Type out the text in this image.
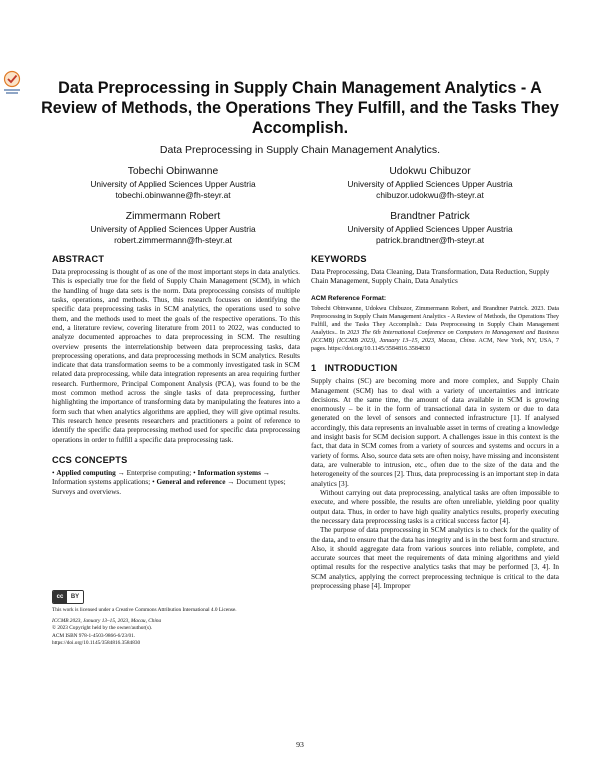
Data Preprocessing in Supply Chain Management Analytics - A Review of Methods, the Operations They Fulfill, and the Tasks They Accomplish.
Data Preprocessing in Supply Chain Management Analytics.
Tobechi Obinwanne
University of Applied Sciences Upper Austria
tobechi.obinwanne@fh-steyr.at
Udokwu Chibuzor
University of Applied Sciences Upper Austria
chibuzor.udokwu@fh-steyr.at
Zimmermann Robert
University of Applied Sciences Upper Austria
robert.zimmermann@fh-steyr.at
Brandtner Patrick
University of Applied Sciences Upper Austria
patrick.brandtner@fh-steyr.at
ABSTRACT

Data preprocessing is thought of as one of the most important steps in data analytics. This is especially true for the field of Supply Chain Management (SCM), in which the handling of huge data sets is the norm. Data preprocessing consists of multiple tasks, operations, and methods. Thus, this research focusses on identifying the specific data preprocessing tasks in SCM analytics, the operations used to solve them, and the methods used to meet the goals of the respective operations. To this end, a literature review, covering literature from 2011 to 2022, was conducted to analyze documented approaches to data preprocessing in SCM. The resulting overview presents the interrelationship between data preprocessing tasks, data preprocessing operations, and data preprocessing methods in SCM analytics. Results indicate that data transformation seems to be a commonly investigated task in SCM related data preprocessing, while data integration represents an area requiring further research. Furthermore, Principal Component Analysis (PCA), was found to be the most common method across the single tasks of data preprocessing, further highlighting the importance of transforming data by manipulating the features into a form such that when analytics algorithms are applied, they will give optimal results. This research hence presents researchers and practitioners a point of reference to identify the specific data preprocessing method used for specific data preprocessing operations in order to fulfill a specific data preprocessing task.

CCS CONCEPTS

• Applied computing → Enterprise computing; • Information systems → Information systems applications; • General and reference → Document types; Surveys and overviews.

cc	BY
This work is licensed under a Creative Commons Attribution International 4.0 License.
ICCMB 2023, January 13–15, 2023, Macau, China
© 2023 Copyright held by the owner/author(s).
ACM ISBN 978-1-4503-9866-6/23/01.
https://doi.org/10.1145/3584816.3584830
KEYWORDS

Data Preprocessing, Data Cleaning, Data Transformation, Data Reduction, Supply Chain Management, Supply Chain, Data Analytics

ACM Reference Format:

Tobechi Obinwanne, Udokwu Chibuzor, Zimmermann Robert, and Brandtner Patrick. 2023. Data Preprocessing in Supply Chain Management Analytics - A Review of Methods, the Operations They Fulfill, and the Tasks They Accomplish.: Data Preprocessing in Supply Chain Management Analytics.. In 2023 The 6th International Conference on Computers in Management and Business (ICCMB) (ICCMB 2023), January 13–15, 2023, Macau, China. ACM, New York, NY, USA, 7 pages. https://doi.org/10.1145/3584816.3584830

1   INTRODUCTION

Supply chains (SC) are becoming more and more complex, and Supply Chain Management (SCM) has to deal with a variety of uncertainties and intricate decisions. At the same time, the amount of data available in SCM is growing enormously – be it in the form of transactional data in system or due to data generated on the level of sensors and connected infrastructure [1]. If analysed accordingly, this data represents an invaluable asset in terms of creating a knowledge and insight basis for SCM decision support. A challenges issue in this context is the fact, that data in SCM comes from a variety of sources and systems and occurs in a variety of forms. Also, source data sets are often noisy, have missing and inconsistent data, are vulnerable to intrusion, etc., often due to the size of the data and the heterogeneity of the sources [2]. Thus, data preprocessing is an important step in data analytics [3].

Without carrying out data preprocessing, analytical tasks are often impossible to execute, and where possible, the results are often unreliable, yielding poor quality output data. Thus, in order to have high quality analytics results, properly executing the necessary data preprocessing tasks is a critical success factor [4].

The purpose of data preprocessing in SCM analytics is to check for the quality of the data, and to ensure that the data has integrity and is in the best form and structure. Also, it should aggregate data from various sources into reliable, complete, and accurate sources that meet the requirements of data mining algorithms and yield optimal results for the respective analytics tasks that may be performed [3, 4]. In SCM analytics, applying the correct preprocessing technique is critical to the data preprocessing phase [4]. Improper

93
